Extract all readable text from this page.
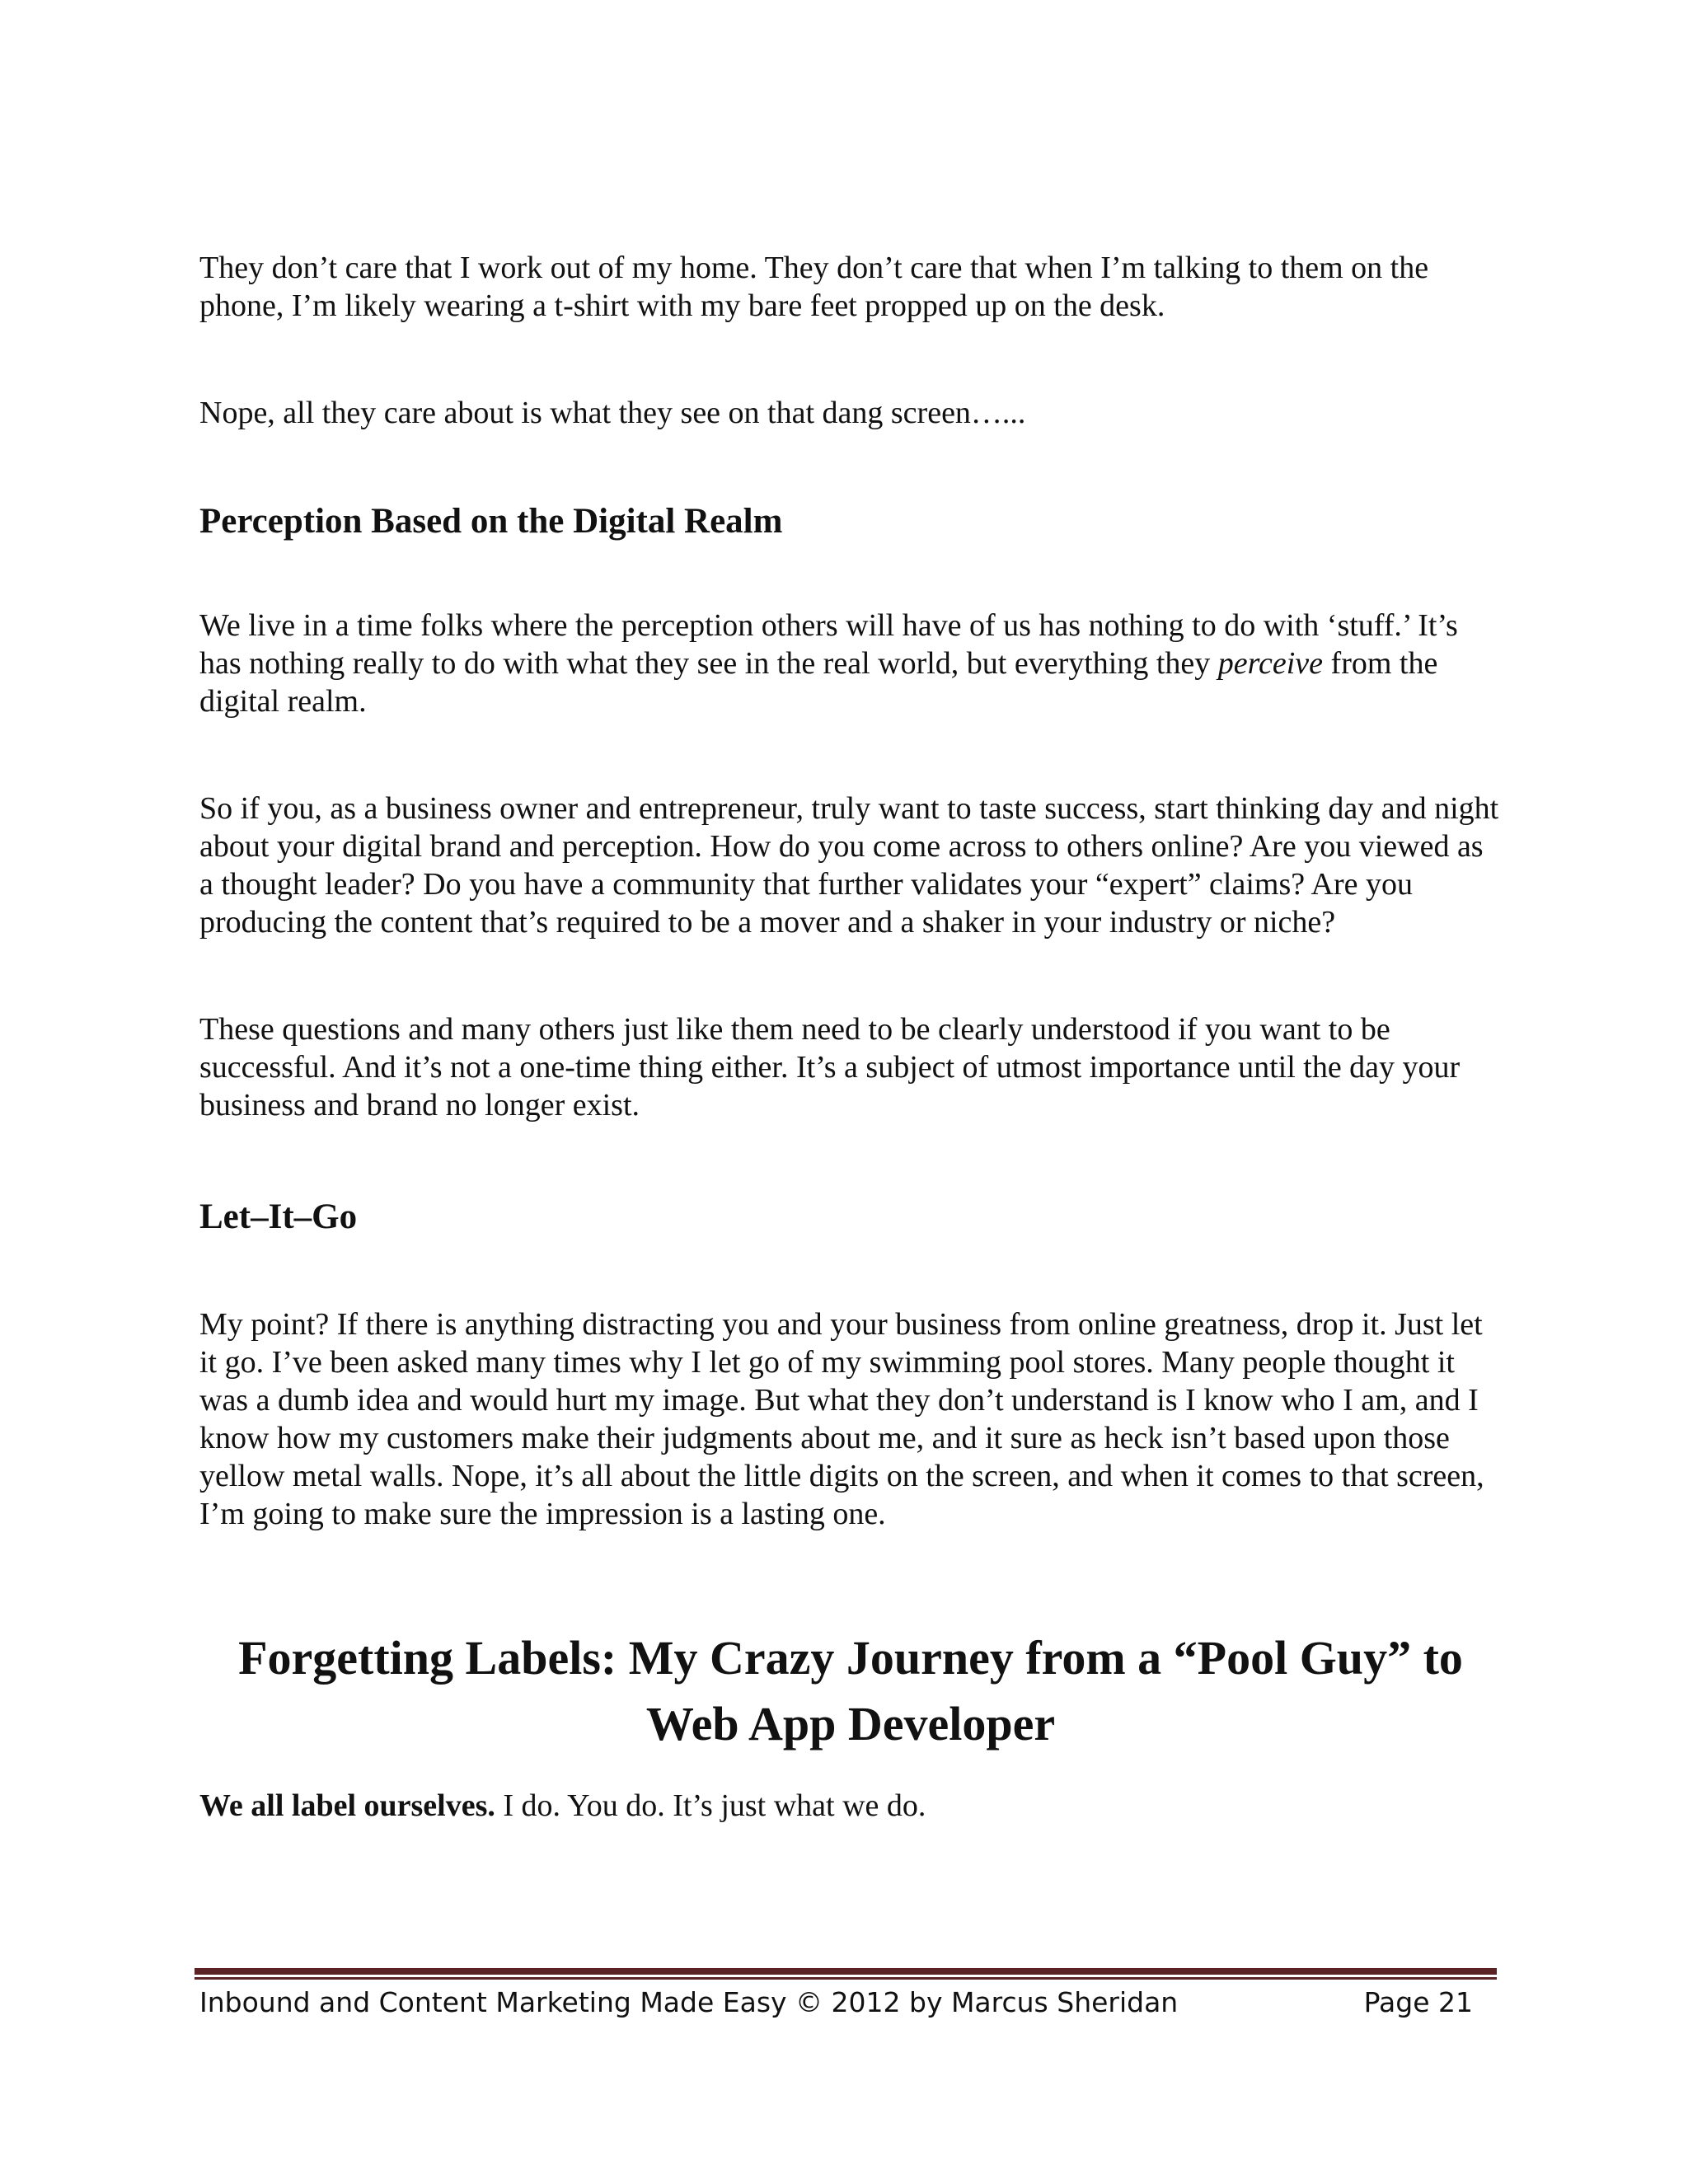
They don’t care that I work out of my home. They don’t care that when I’m talking to them on the phone, I’m likely wearing a t-shirt with my bare feet propped up on the desk.

Nope, all they care about is what they see on that dang screen…...

Perception Based on the Digital Realm

We live in a time folks where the perception others will have of us has nothing to do with ‘stuff.’ It’s has nothing really to do with what they see in the real world, but everything they perceive from the digital realm.

So if you, as a business owner and entrepreneur, truly want to taste success, start thinking day and night about your digital brand and perception. How do you come across to others online? Are you viewed as a thought leader? Do you have a community that further validates your “expert” claims? Are you producing the content that’s required to be a mover and a shaker in your industry or niche?

These questions and many others just like them need to be clearly understood if you want to be successful. And it’s not a one-time thing either. It’s a subject of utmost importance until the day your business and brand no longer exist.

Let–It–Go

My point? If there is anything distracting you and your business from online greatness, drop it. Just let it go. I’ve been asked many times why I let go of my swimming pool stores. Many people thought it was a dumb idea and would hurt my image. But what they don’t understand is I know who I am, and I know how my customers make their judgments about me, and it sure as heck isn’t based upon those yellow metal walls. Nope, it’s all about the little digits on the screen, and when it comes to that screen, I’m going to make sure the impression is a lasting one.

Forgetting Labels: My Crazy Journey from a “Pool Guy” to
Web App Developer

We all label ourselves. I do. You do. It’s just what we do.

Inbound and Content Marketing Made Easy © 2012 by Marcus Sheridan	Page 21
